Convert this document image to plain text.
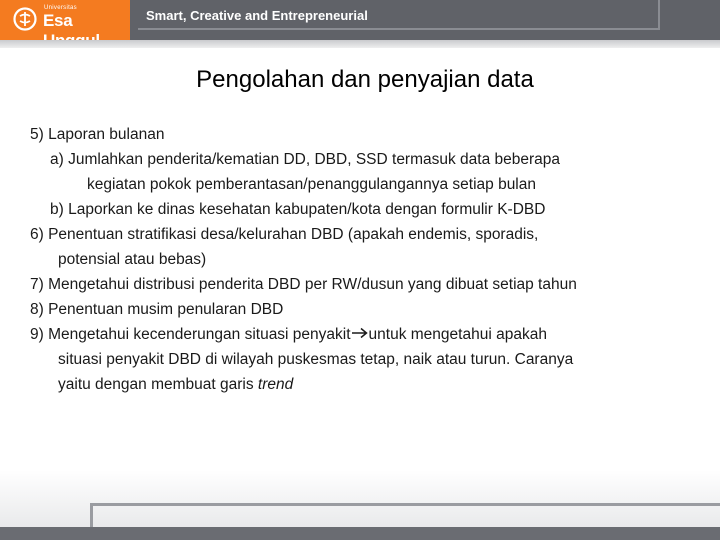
Universitas
Esa	Smart, Creative and Entrepreneurial
Pengolahan dan penyajian data
5) Laporan bulanan
a) Jumlahkan penderita/kematian DD, DBD, SSD termasuk data beberapa
kegiatan pokok pemberantasan/penanggulangannya setiap bulan
b) Laporkan ke dinas kesehatan kabupaten/kota dengan formulir K-DBD
6) Penentuan stratifikasi desa/kelurahan DBD (apakah endemis, sporadis,
potensial atau bebas)
7) Mengetahui distribusi penderita DBD per RW/dusun yang dibuat setiap tahun
8) Penentuan musim penularan DBD
9) Mengetahui kecenderungan situasi penyakit untuk mengetahui apakah
situasi penyakit DBD di wilayah puskesmas tetap, naik atau turun. Caranya
yaitu dengan membuat garis trend
